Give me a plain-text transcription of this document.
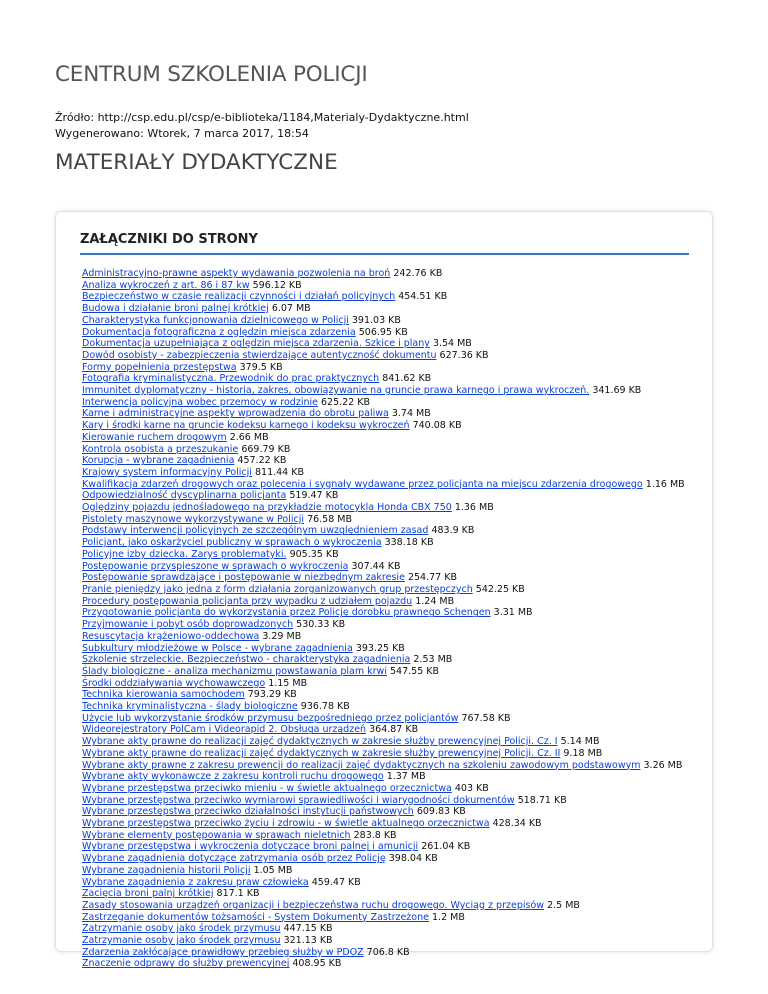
CENTRUM SZKOLENIA POLICJI
Źródło: http://csp.edu.pl/csp/e-biblioteka/1184,Materialy-Dydaktyczne.html
Wygenerowano: Wtorek, 7 marca 2017, 18:54
MATERIAŁY DYDAKTYCZNE
ZAŁĄCZNIKI DO STRONY
Administracyjno-prawne aspekty wydawania pozwolenia na broń 242.76 KB
Analiza wykroczeń z art. 86 i 87 kw 596.12 KB
Bezpieczeństwo w czasie realizacji czynności i działań policyjnych 454.51 KB
Budowa i działanie broni palnej krótkiej 6.07 MB
Charakterystyka funkcjonowania dzielnicowego w Policji 391.03 KB
Dokumentacja fotograficzna z oględzin miejsca zdarzenia 506.95 KB
Dokumentacja uzupełniająca z oględzin miejsca zdarzenia. Szkice i plany 3.54 MB
Dowód osobisty - zabezpieczenia stwierdzające autentyczność dokumentu 627.36 KB
Formy popełnienia przestępstwa 379.5 KB
Fotografia kryminalistyczna. Przewodnik do prac praktycznych 841.62 KB
Immunitet dyplomatyczny - historia, zakres, obowiązywanie na gruncie prawa karnego i prawa wykroczeń. 341.69 KB
Interwencja policyjna wobec przemocy w rodzinie 625.22 KB
Karne i administracyjne aspekty wprowadzenia do obrotu paliwa 3.74 MB
Kary i środki karne na gruncie kodeksu karnego i kodeksu wykroczeń 740.08 KB
Kierowanie ruchem drogowym 2.66 MB
Kontrola osobista a przeszukanie 669.79 KB
Korupcja - wybrane zagadnienia 457.22 KB
Krajowy system informacyjny Policji 811.44 KB
Kwalifikacja zdarzeń drogowych oraz polecenia i sygnały wydawane przez policjanta na miejscu zdarzenia drogowego 1.16 MB
Odpowiedzialność dyscyplinarna policjanta 519.47 KB
Oględziny pojazdu jednośladowego na przykładzie motocykla Honda CBX 750 1.36 MB
Pistolety maszynowe wykorzystywane w Policji 76.58 MB
Podstawy interwencji policyjnych ze szczególnym uwzględnieniem zasad 483.9 KB
Policjant, jako oskarżyciel publiczny w sprawach o wykroczenia 338.18 KB
Policyjne izby dziecka. Zarys problematyki. 905.35 KB
Postępowanie przyspieszone w sprawach o wykroczenia 307.44 KB
Postępowanie sprawdzające i postępowanie w niezbędnym zakresie 254.77 KB
Pranie pieniędzy jako jedna z form działania zorganizowanych grup przestępczych 542.25 KB
Procedury postępowania policjanta przy wypadku z udziałem pojazdu 1.24 MB
Przygotowanie policjanta do wykorzystania przez Policję dorobku prawnego Schengen 3.31 MB
Przyjmowanie i pobyt osób doprowadzonych 530.33 KB
Resuscytacja krążeniowo-oddechowa 3.29 MB
Subkultury młodzieżowe w Polsce - wybrane zagadnienia 393.25 KB
Szkolenie strzeleckie. Bezpieczeństwo - charakterystyka zagadnienia 2.53 MB
Ślady biologiczne - analiza mechanizmu powstawania plam krwi 547.55 KB
Środki oddziaływania wychowawczego 1.15 MB
Technika kierowania samochodem 793.29 KB
Technika kryminalistyczna - ślady biologiczne 936.78 KB
Użycie lub wykorzystanie środków przymusu bezpośredniego przez policjantów 767.58 KB
Wideorejestratory PolCam i Videorapid 2. Obsługa urządzeń 364.87 KB
Wybrane akty prawne do realizacji zajęć dydaktycznych w zakresie służby prewencyjnej Policji. Cz. I 5.14 MB
Wybrane akty prawne do realizacji zajęć dydaktycznych w zakresie służby prewencyjnej Policji. Cz. II 9.18 MB
Wybrane akty prawne z zakresu prewencji do realizacji zajęć dydaktycznych na szkoleniu zawodowym podstawowym 3.26 MB
Wybrane akty wykonawcze z zakresu kontroli ruchu drogowego 1.37 MB
Wybrane przestępstwa przeciwko mieniu - w świetle aktualnego orzecznictwa 403 KB
Wybrane przestępstwa przeciwko wymiarowi sprawiedliwości i wiarygodności dokumentów 518.71 KB
Wybrane przestępstwa przeciwko działalności instytucji państwowych 609.83 KB
Wybrane przestępstwa przeciwko życiu i zdrowiu - w świetle aktualnego orzecznictwa 428.34 KB
Wybrane elementy postępowania w sprawach nieletnich 283.8 KB
Wybrane przestępstwa i wykroczenia dotyczące broni palnej i amunicji 261.04 KB
Wybrane zagadnienia dotyczące zatrzymania osób przez Policję 398.04 KB
Wybrane zagadnienia historii Policji 1.05 MB
Wybrane zagadnienia z zakresu praw człowieka 459.47 KB
Zacięcia broni palnj krótkiej 817.1 KB
Zasady stosowania urządzeń organizacji i bezpieczeństwa ruchu drogowego. Wyciąg z przepisów 2.5 MB
Zastrzeganie dokumentów tożsamości - System Dokumenty Zastrzeżone 1.2 MB
Zatrzymanie osoby jako środek przymusu 447.15 KB
Zatrzymanie osoby jako środek przymusu 321.13 KB
Zdarzenia zakłócające prawidłowy przebieg służby w PDOZ 706.8 KB
Znaczenie odprawy do służby prewencyjnej 408.95 KB
